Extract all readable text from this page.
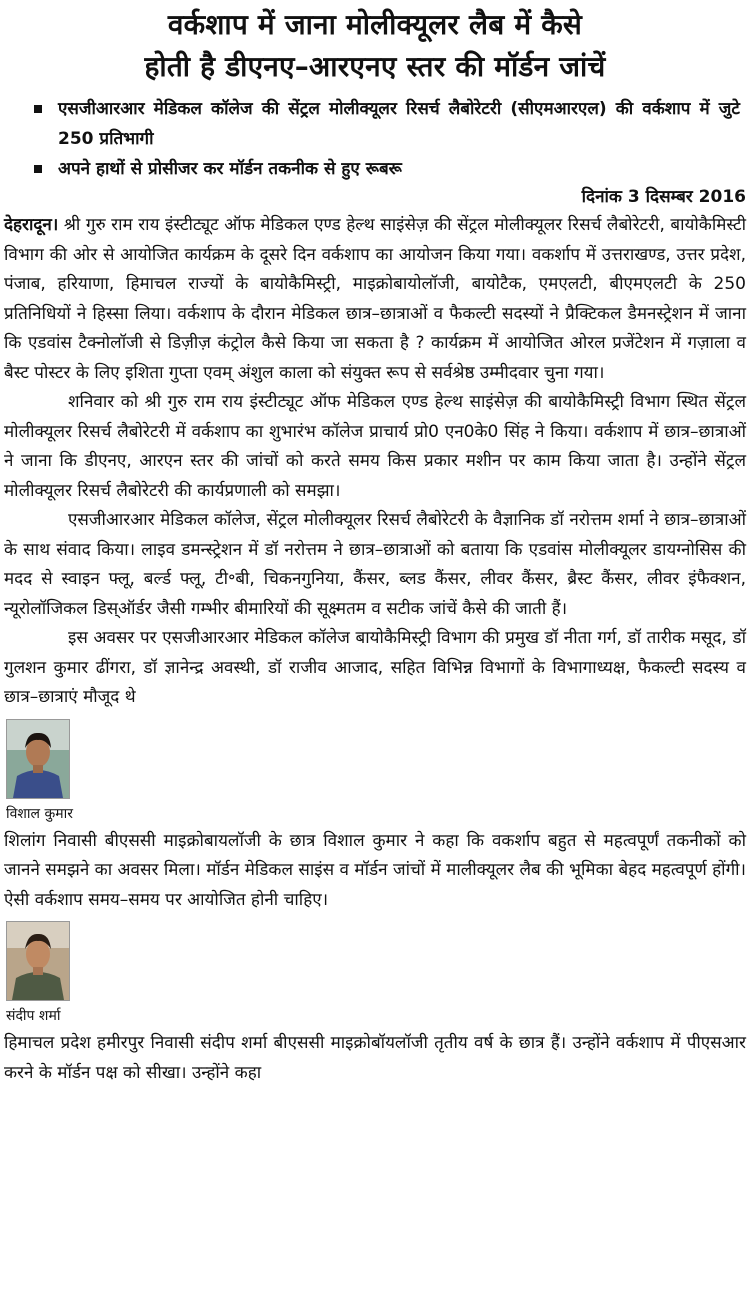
वर्कशाप में जाना मोलीक्यूलर लैब में कैसे
होती है डीएनए–आरएनए स्तर की मॉर्डन जांचें
एसजीआरआर मेडिकल कॉलेज की सेंट्रल मोलीक्यूलर रिसर्च लैबोरेटरी (सीएमआरएल) की वर्कशाप में जुटे 250 प्रतिभागी
अपने हाथों से प्रोसीजर कर मॉर्डन तकनीक से हुए रूबरू
दिनांक 3 दिसम्बर 2016

देहरादून। श्री गुरु राम राय इंस्टीट्यूट ऑफ मेडिकल एण्ड हेल्थ साइंसेज़ की सेंट्रल मोलीक्यूलर रिसर्च लैबोरेटरी, बायोकैमिस्टी विभाग की ओर से आयोजित कार्यक्रम के दूसरे दिन वर्कशाप का आयोजन किया गया। वकर्शाप में उत्तराखण्ड, उत्तर प्रदेश, पंजाब, हरियाणा, हिमाचल राज्यों के बायोकैमिस्ट्री, माइक्रोबायोलॉजी, बायोटैक, एमएलटी, बीएमएलटी के 250 प्रतिनिधियों ने हिस्सा लिया। वर्कशाप के दौरान मेडिकल छात्र–छात्राओं व फैकल्टी सदस्यों ने प्रैक्टिकल डैमनस्ट्रेशन में जाना कि एडवांस टैक्नोलॉजी से डिज़ीज़ कंट्रोल कैसे किया जा सकता है ? कार्यक्रम में आयोजित ओरल प्रजेंटेशन में गज़ाला व बैस्ट पोस्टर के लिए इशिता गुप्ता एवम् अंशुल काला को संयुक्त रूप से सर्वश्रेष्ठ उम्मीदवार चुना गया।

शनिवार को श्री गुरु राम राय इंस्टीट्यूट ऑफ मेडिकल एण्ड हेल्थ साइंसेज़ की बायोकैमिस्ट्री विभाग स्थित सेंट्रल मोलीक्यूलर रिसर्च लैबोरेटरी में वर्कशाप का शुभारंभ कॉलेज प्राचार्य प्रो0 एन0के0 सिंह ने किया। वर्कशाप में छात्र–छात्राओं ने जाना कि डीएनए, आरएन स्तर की जांचों को करते समय किस प्रकार मशीन पर काम किया जाता है। उन्होंने सेंट्रल मोलीक्यूलर रिसर्च लैबोरेटरी की कार्यप्रणाली को समझा।

एसजीआरआर मेडिकल कॉलेज, सेंट्रल मोलीक्यूलर रिसर्च लैबोरेटरी के वैज्ञानिक डॉ नरोत्तम शर्मा ने छात्र–छात्राओं के साथ संवाद किया। लाइव डमन्स्ट्रेशन में डॉ नरोत्तम ने छात्र–छात्राओं को बताया कि एडवांस मोलीक्यूलर डायग्नोसिस की मदद से स्वाइन फ्लू, बर्ल्ड फ्लू, टी॰बी, चिकनगुनिया, कैंसर, ब्लड कैंसर, लीवर कैंसर, ब्रैस्ट कैंसर, लीवर इंफैक्शन, न्यूरोलॉजिकल डिस्ऑर्डर जैसी गम्भीर बीमारियों की सूक्ष्मतम व सटीक जांचें कैसे की जाती हैं।

इस अवसर पर एसजीआरआर मेडिकल कॉलेज बायोकैमिस्ट्री विभाग की प्रमुख डॉ नीता गर्ग, डॉ तारीक मसूद, डॉ गुलशन कुमार ढींगरा, डॉ ज्ञानेन्द्र अवस्थी, डॉ राजीव आजाद, सहित विभिन्न विभागों के विभागाध्यक्ष, फैकल्टी सदस्य व छात्र–छात्राएं मौजूद थे

विशाल कुमार

शिलांग निवासी बीएससी माइक्रोबायलॉजी के छात्र विशाल कुमार ने कहा कि वकर्शाप बहुत से महत्वपूर्णं तकनीकों को जानने समझने का अवसर मिला। मॉर्डन मेडिकल साइंस व मॉर्डन जांचों में मालीक्यूलर लैब की भूमिका बेहद महत्वपूर्ण होंगी। ऐसी वर्कशाप समय–समय पर आयोजित होनी चाहिए।

संदीप शर्मा

हिमाचल प्रदेश हमीरपुर निवासी संदीप शर्मा बीएससी माइक्रोबॉयलॉजी तृतीय वर्ष के छात्र हैं। उन्होंने वर्कशाप में पीएसआर करने के मॉर्डन पक्ष को सीखा। उन्होंने कहा
